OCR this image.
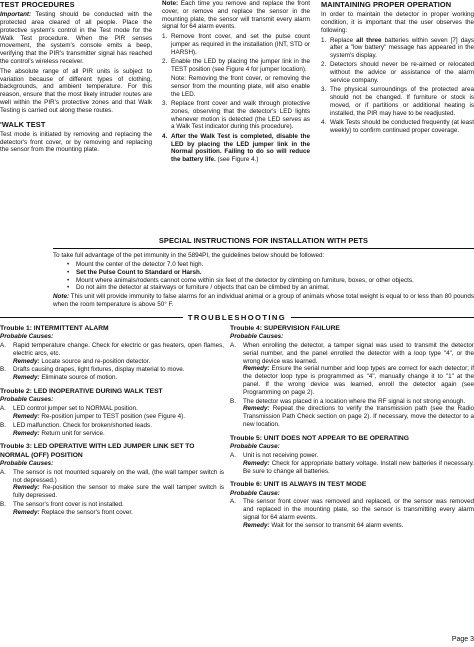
TEST PROCEDURES

Important: Testing should be conducted with the protected area cleared of all people. Place the protective system's control in the Test mode for the Walk Test procedure. When the PIR senses movement, the system's console emits a beep, verifying that the PIR's transmitter signal has reached the control's wireless receiver.

The absolute range of all PIR units is subject to variation because of different types of clothing, backgrounds, and ambient temperature. For this reason, ensure that the most likely intruder routes are well within the PIR's protective zones and that Walk Testing is carried out along these routes.

'WALK TEST

Test mode is initiated by removing and replacing the detector's front cover, or by removing and replacing the sensor from the mounting plate.

Note: Each time you remove and replace the front cover, or remove and replace the sensor in the mounting plate, the sensor will transmit every alarm signal for 64 alarm events.

1. Remove front cover, and set the pulse count jumper as required in the installation (INT, STD or HARSH).
2. Enable the LED by placing the jumper link in the TEST position (see Figure 4 for jumper location).
Note: Removing the front cover, or removing the sensor from the mounting plate, will also enable the LED.
3. Replace front cover and walk through protective zones, observing that the detector's LED lights whenever motion is detected (the LED serves as a Walk Test indicator during this procedure).
4. After the Walk Test is completed, disable the LED by placing the LED jumper link in the Normal position. Failing to do so will reduce the battery life. (see Figure 4.)
MAINTAINING PROPER OPERATION

In order to maintain the detector in proper working condition, it is important that the user observes the following:

1. Replace all three batteries within seven [7] days after a "low battery" message has appeared in the system's display.
2. Detectors should never be re-aimed or relocated without the advice or assistance of the alarm service company.
3. The physical surroundings of the protected area should not be changed. If furniture or stock is moved, or if partitions or additional heating is installed, the PIR may have to be readjusted.
4. Walk Tests should be conducted frequently (at least weekly) to confirm continued proper coverage.
SPECIAL INSTRUCTIONS FOR INSTALLATION WITH PETS

To take full advantage of the pet immunity in the 5894PI, the guidelines below should be followed:

•	Mount the center of the detector 7.0 feet high.
•	Set the Pulse Count to Standard or Harsh.
•	Mount where animals/rodents cannot come within six feet of the detector by climbing on furniture, boxes, or other objects.
•	Do not aim the detector at stairways or furniture / objects that can be climbed by an animal.

Note: This unit will provide immunity to false alarms for an individual animal or a group of animals whose total weight is equal to or less than 80 pounds when the room temperature is above 50° F.

TROUBLESHOOTING
Trouble 1: INTERMITTENT ALARM
Probable Causes:
A.	Rapid temperature change. Check for electric or gas heaters, open flames, electric arcs, etc.
Remedy: Locate source and re-position detector.
B.	Drafts causing drapes, light fixtures, display material to move.
Remedy: Eliminate source of motion.
Trouble 2: LED INOPERATIVE DURING WALK TEST
Probable Causes:
A.	LED control jumper set to NORMAL position.
Remedy: Re-position jumper to TEST position (see Figure 4).
B.	LED malfunction. Check for broken/shorted leads.
Remedy: Return unit for service.
Trouble 3: LED OPERATIVE WITH LED JUMPER LINK SET TO NORMAL (OFF) POSITION
Probable Causes:
A.	The sensor is not mounted squarely on the wall, (the wall tamper switch is not depressed.)
Remedy: Re-position the sensor to make sure the wall tamper switch is fully depressed.
B.	The sensor's front cover is not installed.
Remedy: Replace the sensor's front cover.
Trouble 4: SUPERVISION FAILURE
Probable Causes:
A.	When enrolling the detector, a tamper signal was used to transmit the detector serial number, and the panel enrolled the detector with a loop type "4", or the wrong device was learned.
Remedy: Ensure the serial number and loop types are correct for each detector; if the detector loop type is programmed as "4", manually change it to "1" at the panel. If the wrong device was learned, enroll the detector again (see Programming on page 2).
B.	The detector was placed in a location where the RF signal is not strong enough.
Remedy: Repeat the directions to verify the transmission path (see the Radio Transmission Path Check section on page 2). If necessary, move the detector to a new location.
Trouble 5: UNIT DOES NOT APPEAR TO BE OPERATING
Probable Cause:
A.	Unit is not receiving power.
Remedy: Check for appropriate battery voltage. Install new batteries if necessary. Be sure to change all batteries.
Trouble 6: UNIT IS ALWAYS IN TEST MODE
Probable Cause:
A.	The sensor front cover was removed and replaced, or the sensor was removed and replaced in the mounting plate, so the sensor is transmitting every alarm signal for 64 alarm events.
Remedy: Wait for the sensor to transmit 64 alarm events.
Page 3
